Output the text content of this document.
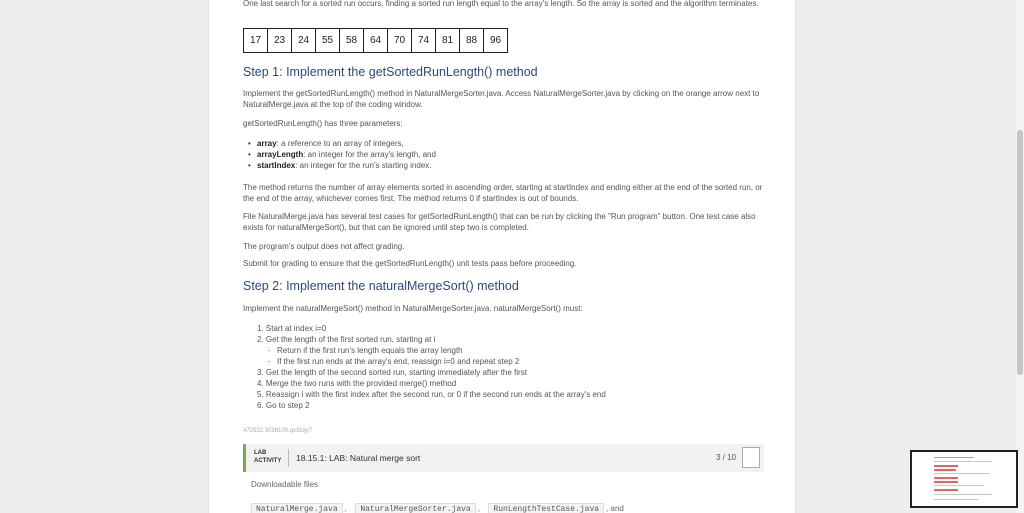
One last search for a sorted run occurs, finding a sorted run length equal to the array's length. So the array is sorted and the algorithm terminates.

17	23	24	55	58	64	70	74	81	88	96
Step 1: Implement the getSortedRunLength() method

Implement the getSortedRunLength() method in NaturalMergeSorter.java. Access NaturalMergeSorter.java by clicking on the orange arrow next to NaturalMerge.java at the top of the coding window.

getSortedRunLength() has three parameters:

• array: a reference to an array of integers,
• arrayLength: an integer for the array's length, and
• startIndex: an integer for the run's starting index.

The method returns the number of array elements sorted in ascending order, starting at startIndex and ending either at the end of the sorted run, or the end of the array, whichever comes first. The method returns 0 if startIndex is out of bounds.

File NaturalMerge.java has several test cases for getSortedRunLength() that can be run by clicking the "Run program" button. One test case also exists for naturalMergeSort(), but that can be ignored until step two is completed.

The program's output does not affect grading.

Submit for grading to ensure that the getSortedRunLength() unit tests pass before proceeding.

Step 2: Implement the naturalMergeSort() method

Implement the naturalMergeSort() method in NaturalMergeSorter.java. naturalMergeSort() must:

1. Start at index i=0
2. Get the length of the first sorted run, starting at i
◦ Return if the first run's length equals the array length
◦ If the first run ends at the array's end, reassign i=0 and repeat step 2
3. Get the length of the second sorted run, starting immediately after the first
4. Merge the two runs with the provided merge() method
5. Reassign i with the first index after the second run, or 0 if the second run ends at the array's end
6. Go to step 2
472532.3038100.qx3zqy7
LAB ACTIVITY	18.15.1: LAB: Natural merge sort	3 / 10
Downloadable files
NaturalMerge.java , NaturalMergeSorter.java , RunLengthTestCase.java , and
